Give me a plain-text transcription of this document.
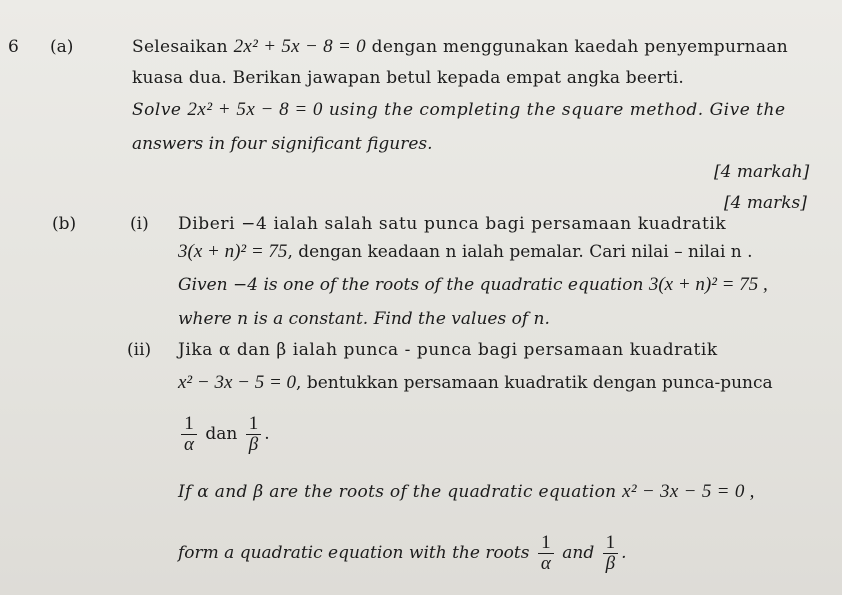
6 (a)	Selesaikan 2x² + 5x − 8 = 0 dengan menggunakan kaedah penyempurnaan
kuasa dua. Berikan jawapan betul kepada empat angka beerti.
Solve 2x² + 5x − 8 = 0 using the completing the square method. Give the
answers in four significant figures.
[4 markah]
[4 marks]
(b)	(i) Diberi −4 ialah salah satu punca bagi persamaan kuadratik
3(x + n)² = 75, dengan keadaan n ialah pemalar. Cari nilai – nilai n .
Given −4 is one of the roots of the quadratic equation 3(x + n)² = 75 ,
where n is a constant. Find the values of n.
(ii) Jika α dan β ialah punca - punca bagi persamaan kuadratik
x² − 3x − 5 = 0, bentukkan persamaan kuadratik dengan punca-punca
$\frac{1}{\alpha}$ dan $\frac{1}{\beta}$ .
If α and β are the roots of the quadratic equation x² − 3x − 5 = 0 ,
form a quadratic equation with the roots $\frac{1}{\alpha}$ and $\frac{1}{\beta}$ .
